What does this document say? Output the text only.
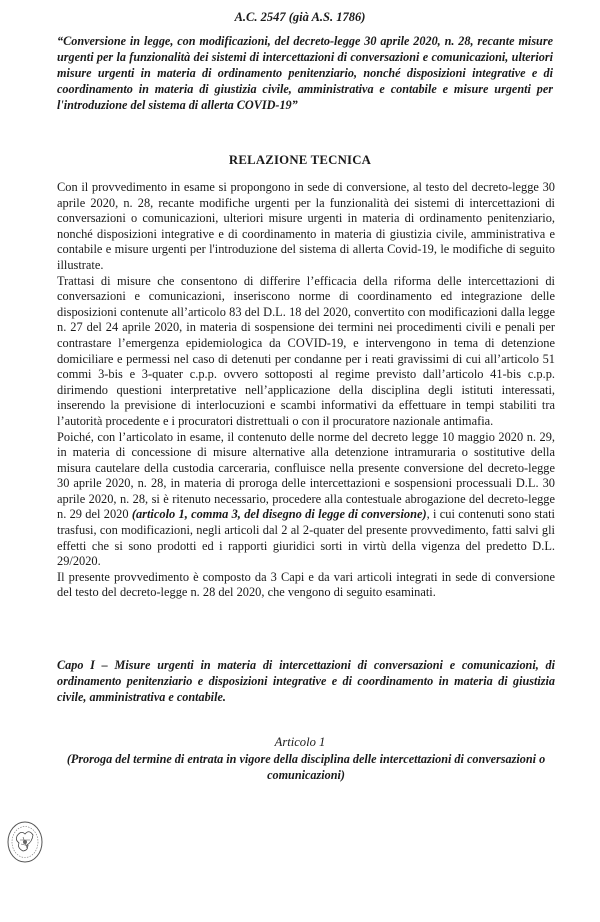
A.C. 2547 (già A.S. 1786)
“Conversione in legge, con modificazioni, del decreto-legge 30 aprile 2020, n. 28, recante misure urgenti per la funzionalità dei sistemi di intercettazioni di conversazioni e comunicazioni, ulteriori misure urgenti in materia di ordinamento penitenziario, nonché disposizioni integrative e di coordinamento in materia di giustizia civile, amministrativa e contabile e misure urgenti per l'introduzione del sistema di allerta COVID-19”
RELAZIONE TECNICA

Con il provvedimento in esame si propongono in sede di conversione, al testo del decreto-legge 30 aprile 2020, n. 28, recante modifiche urgenti per la funzionalità dei sistemi di intercettazioni di conversazioni o comunicazioni, ulteriori misure urgenti in materia di ordinamento penitenziario, nonché disposizioni integrative e di coordinamento in materia di giustizia civile, amministrativa e contabile e misure urgenti per l'introduzione del sistema di allerta Covid-19, le modifiche di seguito illustrate.

Trattasi di misure che consentono di differire l’efficacia della riforma delle intercettazioni di conversazioni e comunicazioni, inseriscono norme di coordinamento ed integrazione delle disposizioni contenute all’articolo 83 del D.L. 18 del 2020, convertito con modificazioni dalla legge n. 27 del 24 aprile 2020, in materia di sospensione dei termini nei procedimenti civili e penali per contrastare l’emergenza epidemiologica da COVID-19, e intervengono in tema di detenzione domiciliare e permessi nel caso di detenuti per condanne per i reati gravissimi di cui all’articolo 51 commi 3-bis e 3-quater c.p.p. ovvero sottoposti al regime previsto dall’articolo 41-bis c.p.p. dirimendo questioni interpretative nell’applicazione della disciplina degli istituti interessati, inserendo la previsione di interlocuzioni e scambi informativi da effettuare in tempi stabiliti tra l’autorità procedente e i procuratori distrettuali o con il procuratore nazionale antimafia.

Poiché, con l’articolato in esame, il contenuto delle norme del decreto legge 10 maggio 2020 n. 29, in materia di concessione di misure alternative alla detenzione intramuraria o sostitutive della misura cautelare della custodia carceraria, confluisce nella presente conversione del decreto-legge 30 aprile 2020, n. 28, in materia di proroga delle intercettazioni e sospensioni processuali D.L. 30 aprile 2020, n. 28, si è ritenuto necessario, procedere alla contestuale abrogazione del decreto-legge n. 29 del 2020 (articolo 1, comma 3, del disegno di legge di conversione), i cui contenuti sono stati trasfusi, con modificazioni, negli articoli dal 2 al 2-quater del presente provvedimento, fatti salvi gli effetti che si sono prodotti ed i rapporti giuridici sorti in virtù della vigenza del predetto D.L. 29/2020.

Il presente provvedimento è composto da 3 Capi e da vari articoli integrati in sede di conversione del testo del decreto-legge n. 28 del 2020, che vengono di seguito esaminati.

Capo I – Misure urgenti in materia di intercettazioni di conversazioni e comunicazioni, di ordinamento penitenziario e disposizioni integrative e di coordinamento in materia di giustizia civile, amministrativa e contabile.
Articolo 1
(Proroga del termine di entrata in vigore della disciplina delle intercettazioni di conversazioni o comunicazioni)
